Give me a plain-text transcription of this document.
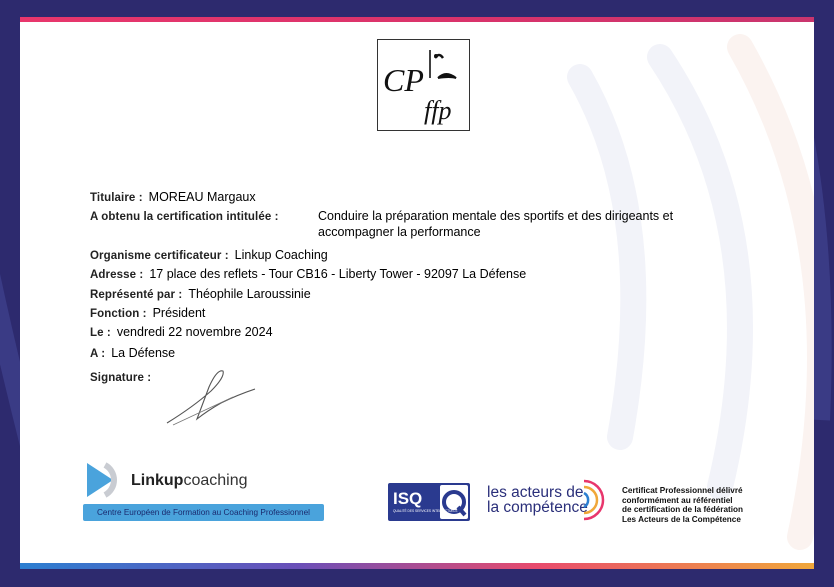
CP
ffp
Titulaire : MOREAU Margaux
A obtenu la certification intitulée :	Conduire la préparation mentale des sportifs et des dirigeants et
accompagner la performance
Organisme certificateur : Linkup Coaching
Adresse : 17 place des reflets - Tour CB16 - Liberty Tower - 92097 La Défense
Représenté par : Théophile Laroussinie
Fonction : Président
Le : vendredi 22 novembre 2024
A : La Défense
Signature :
Linkupcoaching
Centre Européen de Formation au Coaching Professionnel
ISQ
QUALITÉ DES SERVICES INTELLECTUELS
les acteurs de
la compétence
Certificat Professionnel délivré
conformément au référentiel
de certification de la fédération
Les Acteurs de la Compétence
